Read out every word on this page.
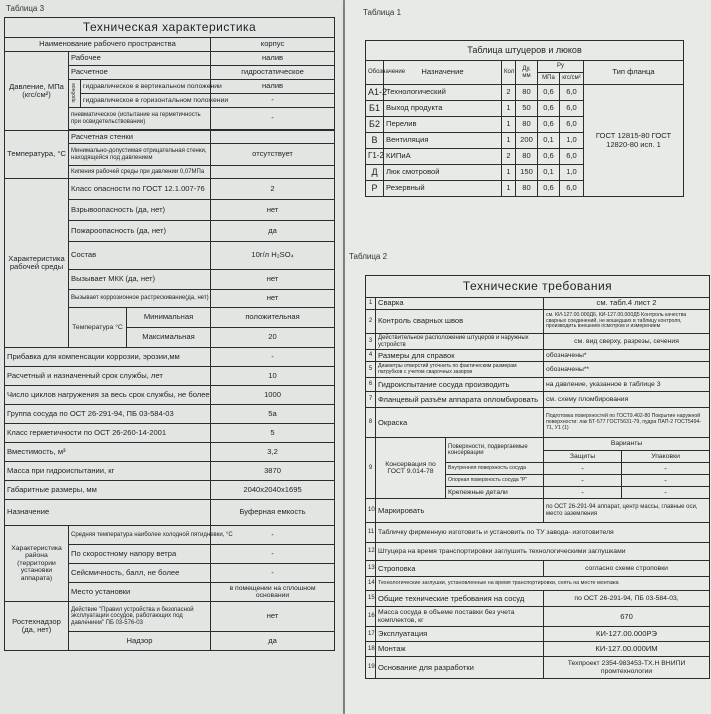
Таблица 3
Техническая характеристика				
Наименование рабочего пространства				корпус
Давление, МПа (кгс/см²)	Рабочее			налив
	Расчетное			гидростатическое
	пробное	гидравлическое в вертикальном положении		налив
		гидравлическое в горизонтальном положении		-
	пневматическое (испытание на герметичность при освидетельствовании)			-

Температура, °С	Расчетная стенки			
	Минимально-допустимая отрицательная стенки, находящейся под давлением			отсутствует
	Кипения рабочей среды при давлении 0,07МПа			
Характеристика рабочей среды	Класс опасности по ГОСТ 12.1.007-76			2
	Взрывоопасность (да, нет)			нет
	Пожароопасность (да, нет)			да
	Состав			10г/л H₂SO₄
	Вызывает МКК (да, нет)			нет
	Вызывает коррозионное растрескивание(да, нет)			нет
	Температура °С		Минимальная	положительная
			Максимальная	20
Прибавка для компенсации коррозии, эрозии,мм				-
Расчетный и назначенный срок службы, лет				10
Число циклов нагружения за весь срок службы, не более				1000
Группа сосуда по ОСТ 26-291-94, ПБ 03-584-03				5а
Класс герметичности по ОСТ 26-260-14-2001				5
Вместимость, м³				3,2
Масса при гидроиспытании, кг				3870
Габаритные размеры, мм				2040х2040х1695
Назначение				Буферная емкость
Характеристика района (территории установки аппарата)	Средняя температура наиболее холодной пятидневки, °С			-
	По скоростному напору ветра			-
	Сейсмичность, балл, не более			-
	Место установки			в помещении на сплошном основании
Ростехнадзор (да, нет)	Действие "Правил устройства и безопасной эксплуатации сосудов, работающих под давлением" ПБ 03-576-03			нет
	Надзор			да
Таблица 1
Таблица штуцеров и люков						
Обозначение	Назначение	Кол	Ду, мм	Ру		Тип фланца
				МПа	кгс/см²	
А1-2	Технологический	2	80	0,6	6,0	ГОСТ 12815-80 ГОСТ 12820-80 исп. 1
Б1	Выход продукта	1	50	0,6	6,0	
Б2	Перелив	1	80	0,6	6,0	
В	Вентиляция	1	200	0,1	1,0	
Г1-2	КИПиА	2	80	0,6	6,0	
Д	Люк смотровой	1	150	0,1	1,0	
Р	Резервный	1	80	0,6	6,0	
Таблица 2
Технические требования				
1	Сварка		см. табл.4 лист 2	
2	Контроль сварных швов		см. КИ-127.00.000Д6, КИ-127.00.000Д5 Контроль качества сварных соединений, не вошедших в таблицу контроля, производить внешним осмотром и измерением	
3	Действительное расположение штуцеров и наружных устройств		см. вид сверху, разрезы, сечения	
4	Размеры для справок		обозначены*	
5	Диаметры отверстий уточнить по фактическим размерам патрубков с учетом сварочных зазоров		обозначены**	
6	Гидроиспытание сосуда производить		на давление, указанное в таблице 3	
7	Фланцевый разъём аппарата опломбировать		см. схему пломбирования	
8	Окраска		Подготовка поверхностей по ГОСТ9.402-80 Покрытие наружной поверхности: лак БТ-577 ГОСТ5631-79, пудра ПАП-2 ГОСТ5494-71, У1 (1)	
9	Консервация по ГОСТ 9.014-78	Поверхности, подвергаемые консервации	Варианты	
			Защиты	Упаковки
		Внутренняя поверхность сосуда	-	-
		Опорная поверхность сосуда "Р"	-	-
		Крепежные детали	-	-
10	Маркировать		по ОСТ 26-291-94 аппарат, центр массы, главные оси, место заземления	
11	Табличку фирменную изготовить и установить по ТУ завода- изготовителя			
12	Штуцера на время транспортировки заглушить технологическими заглушками			
13	Строповка		согласно схеме строповки	
14	Технологические заглушки, установленные на время транспортировки, снять на месте монтажа			
15	Общие технические требования на сосуд		по ОСТ 26-291-94, ПБ 03-584-03,	
16	Масса сосуда в объеме поставки без учета комплектов, кг		670	
17	Эксплуатация		КИ-127.00.000РЭ	
18	Монтаж		КИ-127.00.000ИМ	
19	Основание для разработки		Техпроект 2354-983453-ТХ.Н ВНИПИ промтехнологии	
